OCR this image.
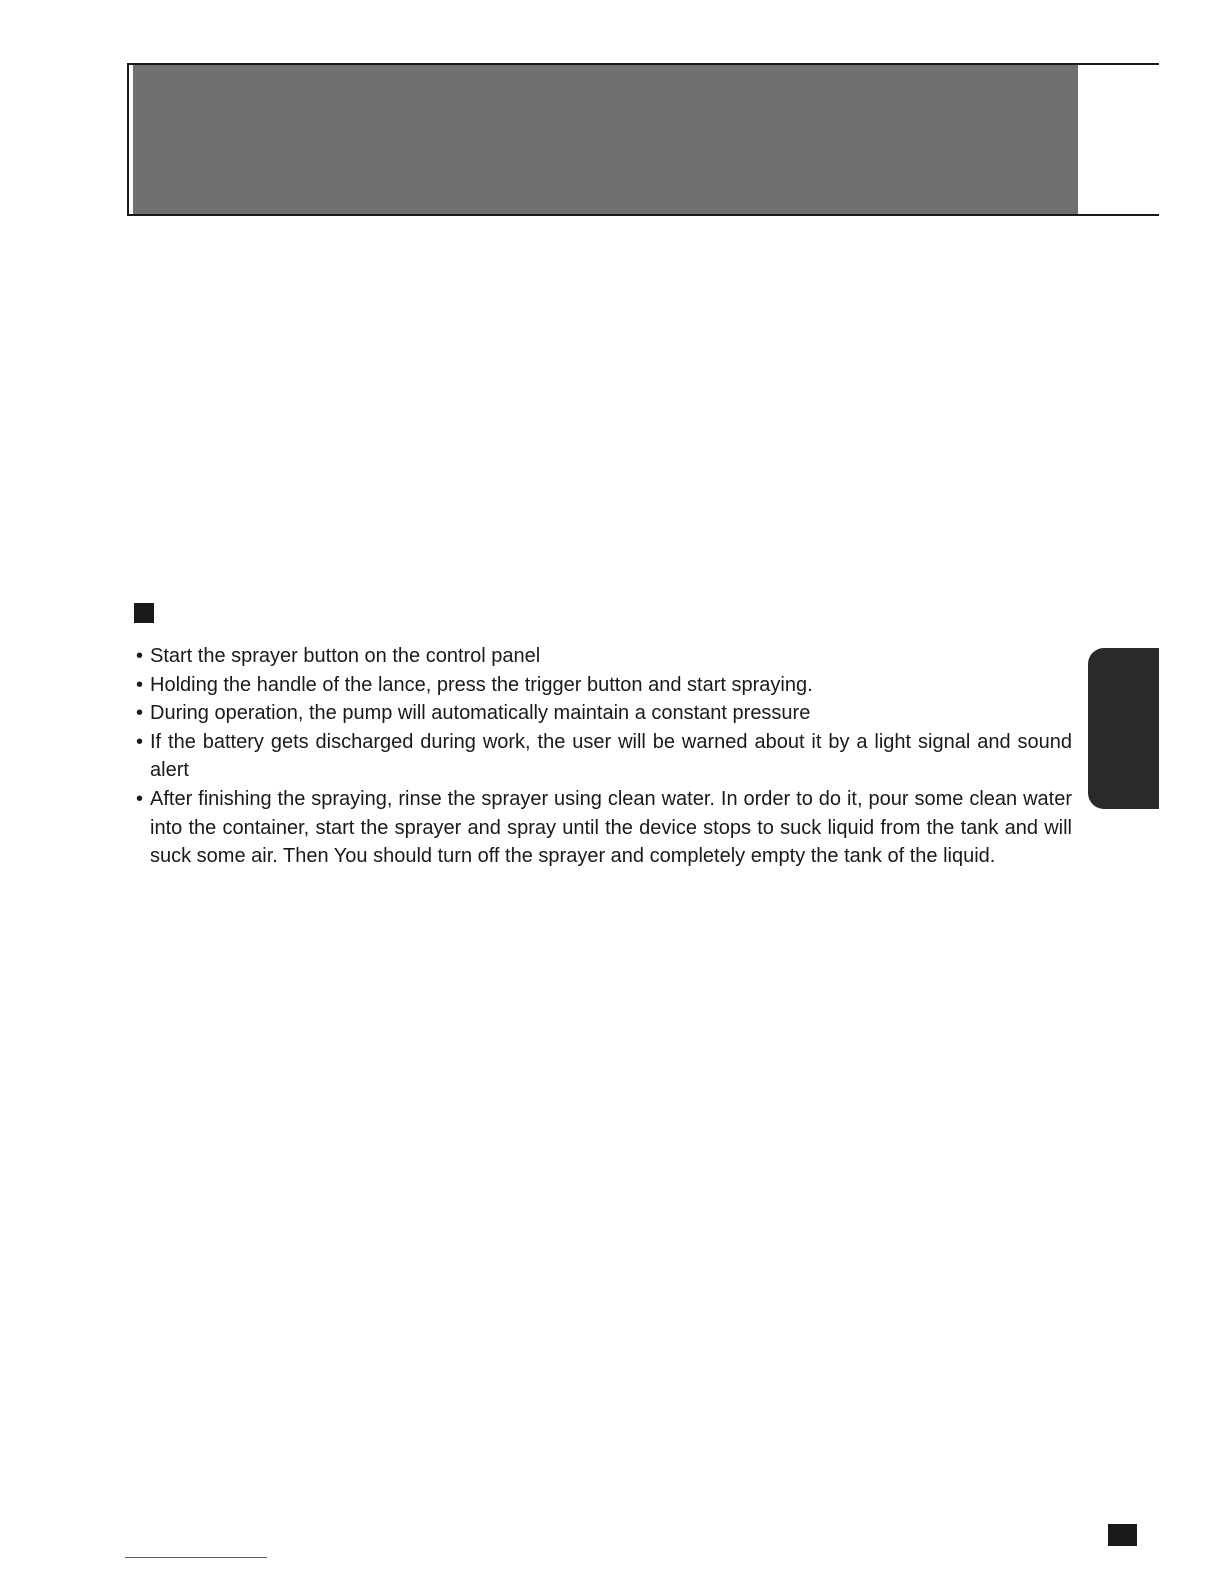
• Start the sprayer button on the control panel
• Holding the handle of the lance, press the trigger button and start spraying.
• During operation, the pump will automatically maintain a constant pressure
• If the battery gets discharged during work, the user will be warned about it by a light signal and sound alert
• After finishing the spraying, rinse the sprayer using clean water. In order to do it, pour some clean water into the container, start the sprayer and spray until the device stops to suck liquid from the tank and will suck some air. Then You should turn off the sprayer and completely empty the tank of the liquid.
